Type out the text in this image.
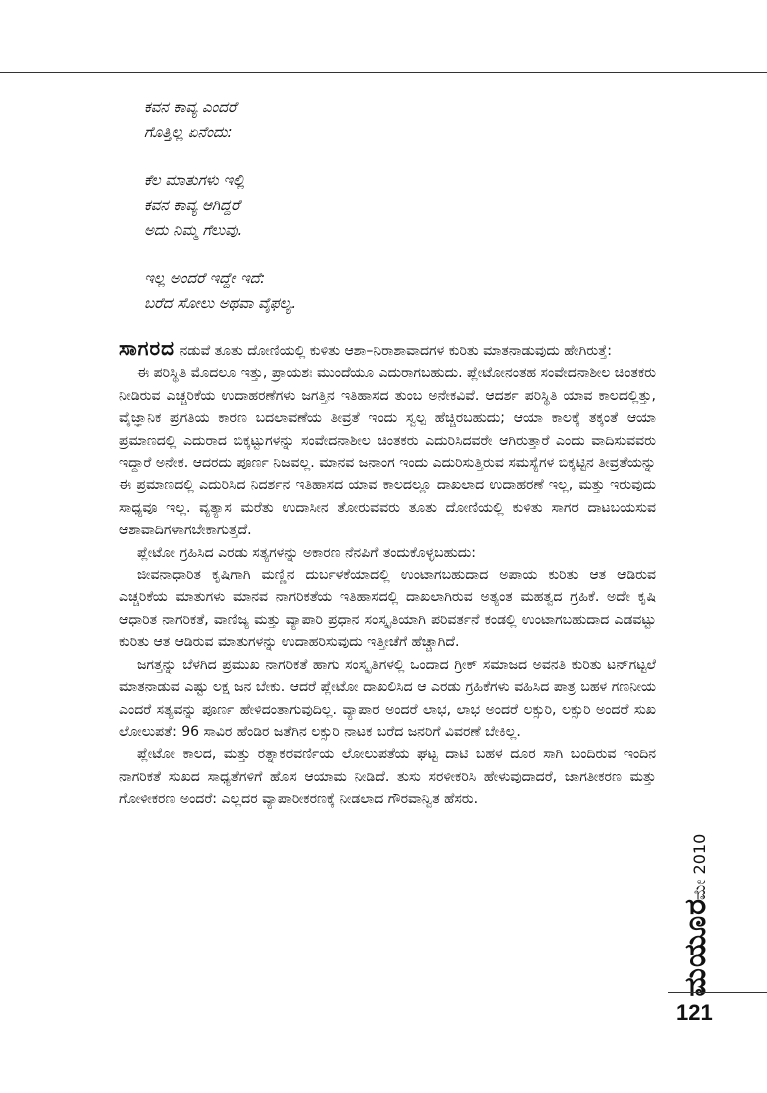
ಕವನ ಕಾವ್ಯ ಎಂದರೆ
ಗೊತ್ತಿಲ್ಲ ಏನೆಂದು:
ಕೆಲ ಮಾತುಗಳು ಇಲ್ಲಿ
ಕವನ ಕಾವ್ಯ ಆಗಿದ್ದರೆ
ಅದು ನಿಮ್ಮ ಗೆಲುವು.
ಇಲ್ಲ ಅಂದರೆ ಇದ್ದೇ ಇದೆ:
ಬರೆದ ಸೋಲು ಅಥವಾ ವೈಫಲ್ಯ.

ಸಾಗರದ ನಡುವೆ ತೂತು ದೋಣಿಯಲ್ಲಿ ಕುಳಿತು ಆಶಾ–ನಿರಾಶಾವಾದಗಳ ಕುರಿತು ಮಾತನಾಡುವುದು ಹೇಗಿರುತ್ತೆ:

ಈ ಪರಿಸ್ಥಿತಿ ಮೊದಲೂ ಇತ್ತು, ಪ್ರಾಯಶಃ ಮುಂದೆಯೂ ಎದುರಾಗಬಹುದು. ಪ್ಲೇಟೋನಂತಹ ಸಂವೇದನಾಶೀಲ ಚಿಂತಕರು ನೀಡಿರುವ ಎಚ್ಚರಿಕೆಯ ಉದಾಹರಣೆಗಳು ಜಗತ್ತಿನ ಇತಿಹಾಸದ ತುಂಬ ಅನೇಕವಿವೆ. ಆದರ್ಶ ಪರಿಸ್ಥಿತಿ ಯಾವ ಕಾಲದಲ್ಲಿತ್ತು, ವೈಜ್ಞಾನಿಕ ಪ್ರಗತಿಯ ಕಾರಣ ಬದಲಾವಣೆಯ ತೀವ್ರತೆ ಇಂದು ಸ್ವಲ್ಪ ಹೆಚ್ಚಿರಬಹುದು; ಆಯಾ ಕಾಲಕ್ಕೆ ತಕ್ಕಂತೆ ಆಯಾ ಪ್ರಮಾಣದಲ್ಲಿ ಎದುರಾದ ಬಿಕ್ಕಟ್ಟುಗಳನ್ನು ಸಂವೇದನಾಶೀಲ ಚಿಂತಕರು ಎದುರಿಸಿದವರೇ ಆಗಿರುತ್ತಾರೆ ಎಂದು ವಾದಿಸುವವರು ಇದ್ದಾರೆ ಅನೇಕ. ಆದರದು ಪೂರ್ಣ ನಿಜವಲ್ಲ. ಮಾನವ ಜನಾಂಗ ಇಂದು ಎದುರಿಸುತ್ತಿರುವ ಸಮಸ್ಯೆಗಳ ಬಿಕ್ಕಟ್ಟಿನ ತೀವ್ರತೆಯನ್ನು ಈ ಪ್ರಮಾಣದಲ್ಲಿ ಎದುರಿಸಿದ ನಿದರ್ಶನ ಇತಿಹಾಸದ ಯಾವ ಕಾಲದಲ್ಲೂ ದಾಖಲಾದ ಉದಾಹರಣೆ ಇಲ್ಲ, ಮತ್ತು ಇರುವುದು ಸಾಧ್ಯವೂ ಇಲ್ಲ. ವ್ಯತ್ಯಾಸ ಮರೆತು ಉದಾಸೀನ ತೋರುವವರು ತೂತು ದೋಣಿಯಲ್ಲಿ ಕುಳಿತು ಸಾಗರ ದಾಟಬಯಸುವ ಆಶಾವಾದಿಗಳಾಗಬೇಕಾಗುತ್ತದೆ.

ಪ್ಲೇಟೋ ಗ್ರಹಿಸಿದ ಎರಡು ಸತ್ಯಗಳನ್ನು ಅಕಾರಣ ನೆನಪಿಗೆ ತಂದುಕೊಳ್ಳಬಹುದು:

ಜೀವನಾಧಾರಿತ ಕೃಷಿಗಾಗಿ ಮಣ್ಣಿನ ದುರ್ಬಳಕೆಯಾದಲ್ಲಿ ಉಂಟಾಗಬಹುದಾದ ಅಪಾಯ ಕುರಿತು ಆತ ಆಡಿರುವ ಎಚ್ಚರಿಕೆಯ ಮಾತುಗಳು ಮಾನವ ನಾಗರಿಕತೆಯ ಇತಿಹಾಸದಲ್ಲಿ ದಾಖಲಾಗಿರುವ ಅತ್ಯಂತ ಮಹತ್ವದ ಗ್ರಹಿಕೆ. ಅದೇ ಕೃಷಿ ಆಧಾರಿತ ನಾಗರಿಕತೆ, ವಾಣಿಜ್ಯ ಮತ್ತು ವ್ಯಾಪಾರಿ ಪ್ರಧಾನ ಸಂಸ್ಕೃತಿಯಾಗಿ ಪರಿವರ್ತನೆ ಕಂಡಲ್ಲಿ ಉಂಟಾಗಬಹುದಾದ ಎಡವಟ್ಟು ಕುರಿತು ಆತ ಆಡಿರುವ ಮಾತುಗಳನ್ನು ಉದಾಹರಿಸುವುದು ಇತ್ತೀಚೆಗೆ ಹೆಚ್ಚಾಗಿದೆ.

ಜಗತ್ತನ್ನು ಬೆಳಗಿದ ಪ್ರಮುಖ ನಾಗರಿಕತೆ ಹಾಗು ಸಂಸ್ಕೃತಿಗಳಲ್ಲಿ ಒಂದಾದ ಗ್ರೀಕ್ ಸಮಾಜದ ಅವನತಿ ಕುರಿತು ಟನ್‌ಗಟ್ಟಲೆ ಮಾತನಾಡುವ ಎಷ್ಟು ಲಕ್ಷ ಜನ ಬೇಕು. ಆದರೆ ಪ್ಲೇಟೋ ದಾಖಲಿಸಿದ ಆ ಎರಡು ಗ್ರಹಿಕೆಗಳು ವಹಿಸಿದ ಪಾತ್ರ ಬಹಳ ಗಣನೀಯ ಎಂದರೆ ಸತ್ಯವನ್ನು ಪೂರ್ಣ ಹೇಳಿದಂತಾಗುವುದಿಲ್ಲ. ವ್ಯಾಪಾರ ಅಂದರೆ ಲಾಭ, ಲಾಭ ಅಂದರೆ ಲಕ್ಸುರಿ, ಲಕ್ಸುರಿ ಅಂದರೆ ಸುಖ ಲೋಲುಪತೆ: 96 ಸಾವಿರ ಹೆಂಡಿರ ಜತೆಗಿನ ಲಕ್ಸುರಿ ನಾಟಕ ಬರೆದ ಜನರಿಗೆ ವಿವರಣೆ ಬೇಕಿಲ್ಲ.

ಪ್ಲೇಟೋ ಕಾಲದ, ಮತ್ತು ರತ್ನಾಕರವರ್ಣಿಯ ಲೋಲುಪತೆಯ ಘಟ್ಟ ದಾಟಿ ಬಹಳ ದೂರ ಸಾಗಿ ಬಂದಿರುವ ಇಂದಿನ ನಾಗರಿಕತೆ ಸುಖದ ಸಾಧ್ಯತೆಗಳಿಗೆ ಹೊಸ ಆಯಾಮ ನೀಡಿದೆ. ತುಸು ಸರಳೀಕರಿಸಿ ಹೇಳುವುದಾದರೆ, ಜಾಗತೀಕರಣ ಮತ್ತು ಗೋಳೀಕರಣ ಅಂದರೆ: ಎಲ್ಲದರ ವ್ಯಾಪಾರೀಕರಣಕ್ಕೆ ನೀಡಲಾದ ಗೌರವಾನ್ವಿತ ಹೆಸರು.

ಮೇ 2010
ಮಯೂರ
121
